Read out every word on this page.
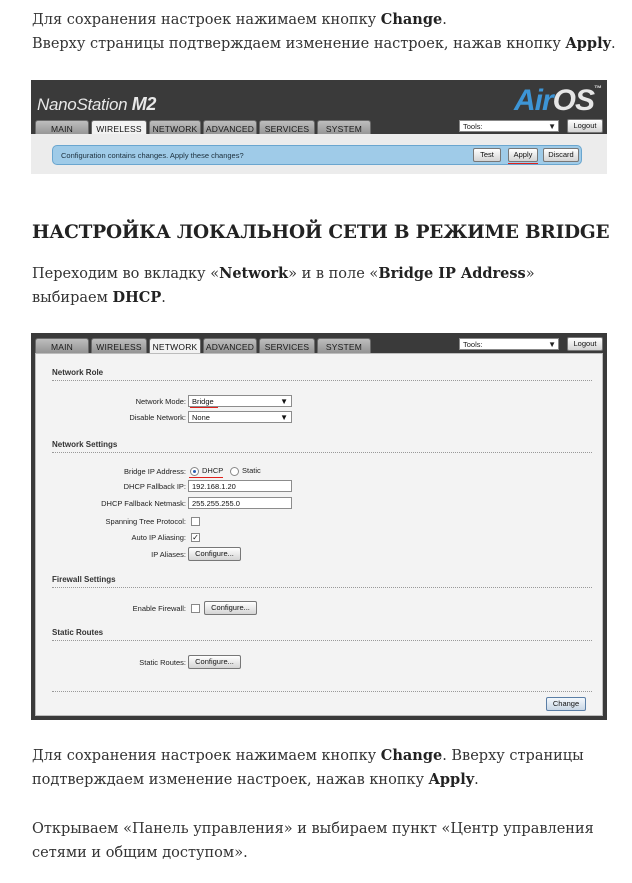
Для сохранения настроек нажимаем кнопку Change.
Вверху страницы подтверждаем изменение настроек, нажав кнопку Apply.

NanoStation M2	AirOS™
MAIN	WIRELESS	NETWORK ADVANCED	SERVICES	SYSTEM	Tools:	▼	Logout
Configuration contains changes. Apply these changes?	Test	Apply	Discard
НАСТРОЙКА ЛОКАЛЬНОЙ СЕТИ В РЕЖИМЕ BRIDGE

Переходим во вкладку «Network» и в поле «Bridge IP Address»
выбираем DHCP.

MAIN	WIRELESS	NETWORK ADVANCED	SERVICES	SYSTEM	Tools:	▼	Logout
Network Role
Network Mode: Bridge	▼
Disable Network: None	▼
Network Settings
Bridge IP Address: DHCP Static
DHCP Fallback IP: 192.168.1.20
DHCP Fallback Netmask: 255.255.255.0
Spanning Tree Protocol:
Auto IP Aliasing: ✓
IP Aliases:	Configure...
Firewall Settings
Enable Firewall:	Configure...
Static Routes
Static Routes:	Configure...
Change

Для сохранения настроек нажимаем кнопку Change. Вверху страницы подтверждаем изменение настроек, нажав кнопку Apply.

Открываем «Панель управления» и выбираем пункт «Центр управления сетями и общим доступом».
